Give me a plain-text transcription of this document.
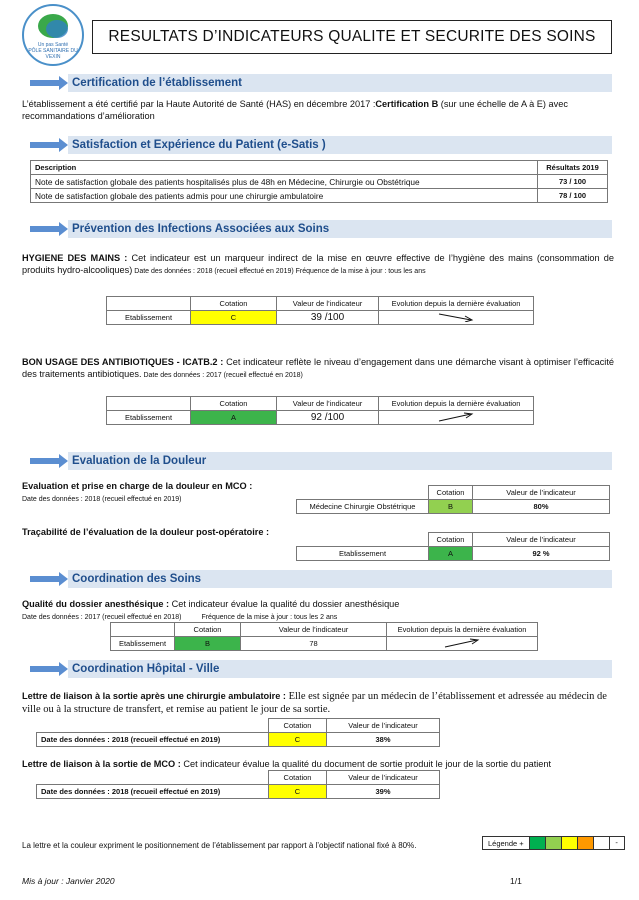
Un pas Santé
PÔLE SANITAIRE DU VEXIN
RESULTATS D’INDICATEURS QUALITE ET SECURITE DES SOINS
Certification de l’établissement
L’établissement a été certifié par la Haute Autorité de Santé (HAS) en décembre 2017 :Certification B (sur une échelle de A à E) avec recommandations d’amélioration
Satisfaction et Expérience du Patient (e-Satis )
Description	Résultats 2019
Note de satisfaction globale des patients hospitalisés plus de 48h en Médecine, Chirurgie ou Obstétrique	73 / 100
Note de satisfaction globale des patients admis pour une chirurgie ambulatoire	78 / 100
Prévention des Infections Associées aux Soins
HYGIENE DES MAINS : Cet indicateur est un marqueur indirect de la mise en œuvre effective de l’hygiène des mains (consommation de produits hydro-alcooliques) Date des données : 2018 (recueil effectué en 2019) Fréquence de la mise à jour : tous les ans
	Cotation	Valeur de l’indicateur	Evolution depuis la dernière évaluation
Etablissement	C	39 /100	
BON USAGE DES ANTIBIOTIQUES - ICATB.2 : Cet indicateur reflète le niveau d’engagement dans une démarche visant à optimiser l’efficacité des traitements antibiotiques. Date des données : 2017 (recueil effectué en 2018)
	Cotation	Valeur de l’indicateur	Evolution depuis la dernière évaluation
Etablissement	A	92 /100	
Evaluation de la Douleur
Evaluation et prise en charge de la douleur en MCO :
Date des données : 2018 (recueil effectué en 2019)
	Cotation	Valeur de l’indicateur
Médecine Chirurgie Obstétrique	B	80%
Traçabilité de l’évaluation de la douleur post-opératoire :
	Cotation	Valeur de l’indicateur
Etablissement	A	92 %
Coordination des Soins
Qualité du dossier anesthésique : Cet indicateur évalue la qualité du dossier anesthésique
Date des données : 2017 (recueil effectué en 2018)	Fréquence de la mise à jour : tous les 2 ans
	Cotation	Valeur de l’indicateur	Evolution depuis la dernière évaluation
Etablissement	B	78	
Coordination Hôpital - Ville
Lettre de liaison à la sortie après une chirurgie ambulatoire : Elle est signée par un médecin de l’établissement et adressée au médecin de ville ou à la structure de transfert, et remise au patient le jour de sa sortie.
	Cotation	Valeur de l’indicateur
Date des données : 2018 (recueil effectué en 2019)	C	38%
Lettre de liaison à la sortie de MCO : Cet indicateur évalue la qualité du document de sortie produit le jour de la sortie du patient
	Cotation	Valeur de l’indicateur
Date des données : 2018 (recueil effectué en 2019)	C	39%
La lettre et la couleur expriment le positionnement de l’établissement par rapport à l’objectif national fixé à 80%.	Légende +	-
Mis à jour : Janvier 2020	1/1
